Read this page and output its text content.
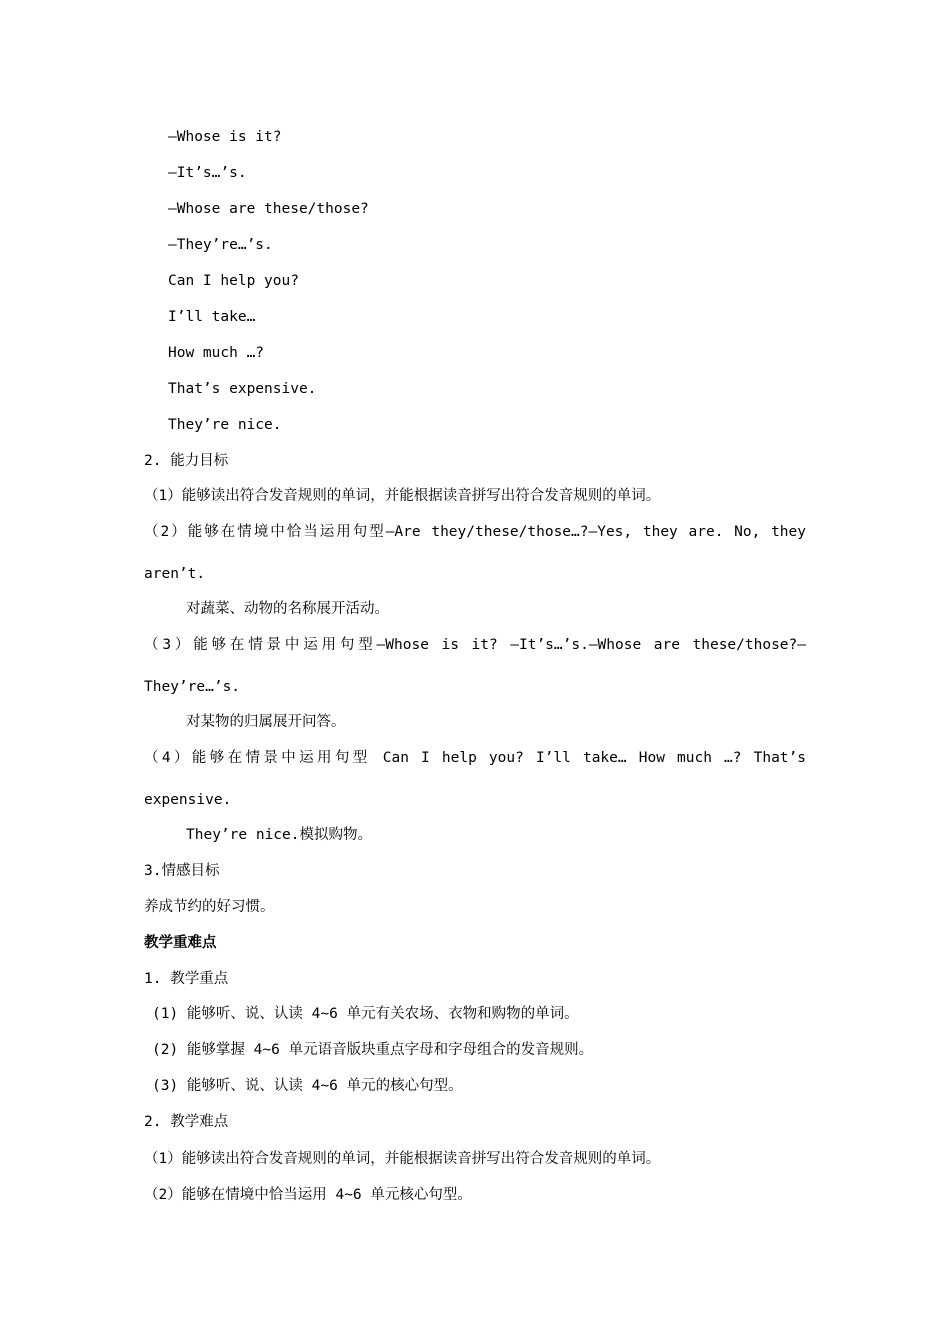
—Whose is it?
—It’s…’s.
—Whose are these/those?
—They’re…’s.
Can I help you?
I’ll take…
How much …?
That’s expensive.
They’re nice.
2. 能力目标
（1）能够读出符合发音规则的单词，并能根据读音拼写出符合发音规则的单词。
（2）能够在情境中恰当运用句型—Are they/these/those…?—Yes, they are. No, they
aren’t.
对蔬菜、动物的名称展开活动。
（3）能够在情景中运用句型—Whose is it? —It’s…’s.—Whose are these/those?—
They’re…’s.
对某物的归属展开问答。
（4）能够在情景中运用句型 Can I help you? I’ll take… How much …? That’s
expensive.
They’re nice.模拟购物。
3.情感目标
养成节约的好习惯。
教学重难点
1. 教学重点
(1) 能够听、说、认读 4~6 单元有关农场、衣物和购物的单词。
(2) 能够掌握 4~6 单元语音版块重点字母和字母组合的发音规则。
(3) 能够听、说、认读 4~6 单元的核心句型。
2. 教学难点
（1）能够读出符合发音规则的单词，并能根据读音拼写出符合发音规则的单词。
（2）能够在情境中恰当运用 4~6 单元核心句型。
